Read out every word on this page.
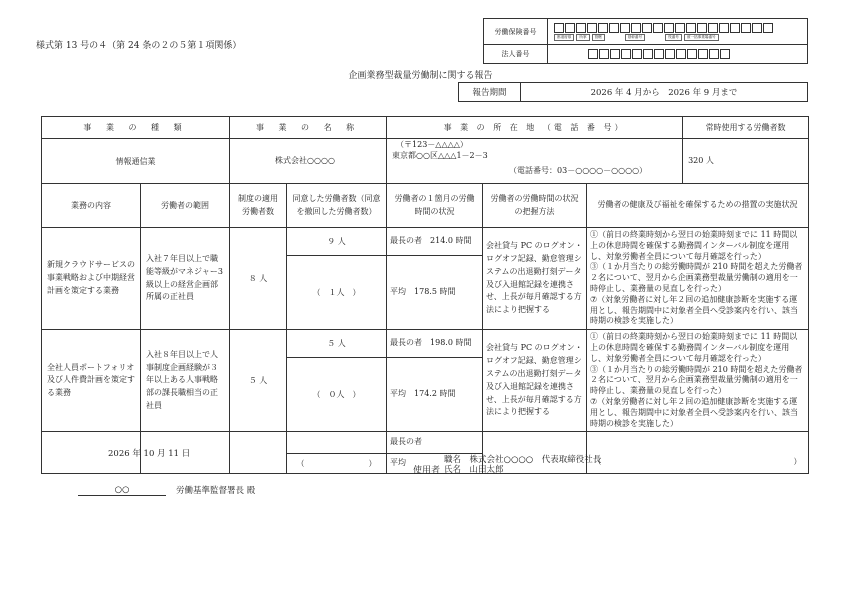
様式第 13 号の４（第 24 条の２の５第１項関係）
労働保険番号
都道府県	所掌	管轄	基幹番号	枝番号	被一括事業場番号
法人番号
企画業務型裁量労働制に関する報告
報告期間	2026 年 4 月から　2026 年 9 月まで
事 業 の 種 類		事 業 の 名 称		事 業 の 所 在 地 （電 話 番 号）			常時使用する労働者数
情報通信業		株式会社○○○○		（〒123－△△△△）
東京都○○区△△△1－2－3
（電話番号：03－○○○○－○○○○）			320 人
業務の内容	労働者の範囲	制度の適用労働者数	同意した労働者数（同意を撤回した労働者数）	労働者の１箇月の労働時間の状況	労働者の労働時間の状況の把握方法	労働者の健康及び福祉を確保するための措置の実施状況	
新規クラウドサービスの事業戦略および中期経営計画を策定する業務	入社７年目以上で職能等級がマネジャー3 級以上の経営企画部所属の正社員	８ 人	９ 人	最長の者　214.0 時間	会社貸与 PC のログオン・ログオフ記録、勤怠管理システムの出退勤打刻データ及び入退館記録を連携させ、上長が毎月確認する方法により把握する	①（前日の終業時刻から翌日の始業時刻までに 11 時間以上の休息時間を確保する勤務間インターバル制度を運用し、対象労働者全員について毎月確認を行った）
③（１か月当たりの総労働時間が 210 時間を超えた労働者２名について、翌月から企画業務型裁量労働制の適用を一時停止し、業務量の見直しを行った）
⑦（対象労働者に対し年２回の追加健康診断を実施する運用とし、報告期間中に対象者全員へ受診案内を行い、該当時期の検診を実施した）	
			（　１人　）	平均　178.5 時間			
全社人員ポートフォリオ及び人件費計画を策定する業務	入社８年目以上で人事制度企画経験が３年以上ある人事戦略部の課長職相当の正社員	５ 人	５ 人	最長の者　198.0 時間	会社貸与 PC のログオン・ログオフ記録、勤怠管理システムの出退勤打刻データ及び入退館記録を連携させ、上長が毎月確認する方法により把握する	①（前日の終業時刻から翌日の始業時刻までに 11 時間以上の休息時間を確保する勤務間インターバル制度を運用し、対象労働者全員について毎月確認を行った）
③（１か月当たりの総労働時間が 210 時間を超えた労働者２名について、翌月から企画業務型裁量労働制の適用を一時停止し、業務量の見直しを行った）
⑦（対象労働者に対し年２回の追加健康診断を実施する運用とし、報告期間中に対象者全員へ受診案内を行い、該当時期の検診を実施した）	
			（　０人　）	平均　174.2 時間			
				最長の者		（　　　　　　　　　　　　　　　　　　　　　　　　）	
			（　　　　　　　　）	平均			
2026 年 10 月 11 日
使用者
職名　 株式会社○○○○　代表取締役社長
氏名　 山田太郎
○○	労働基準監督署長 殿
